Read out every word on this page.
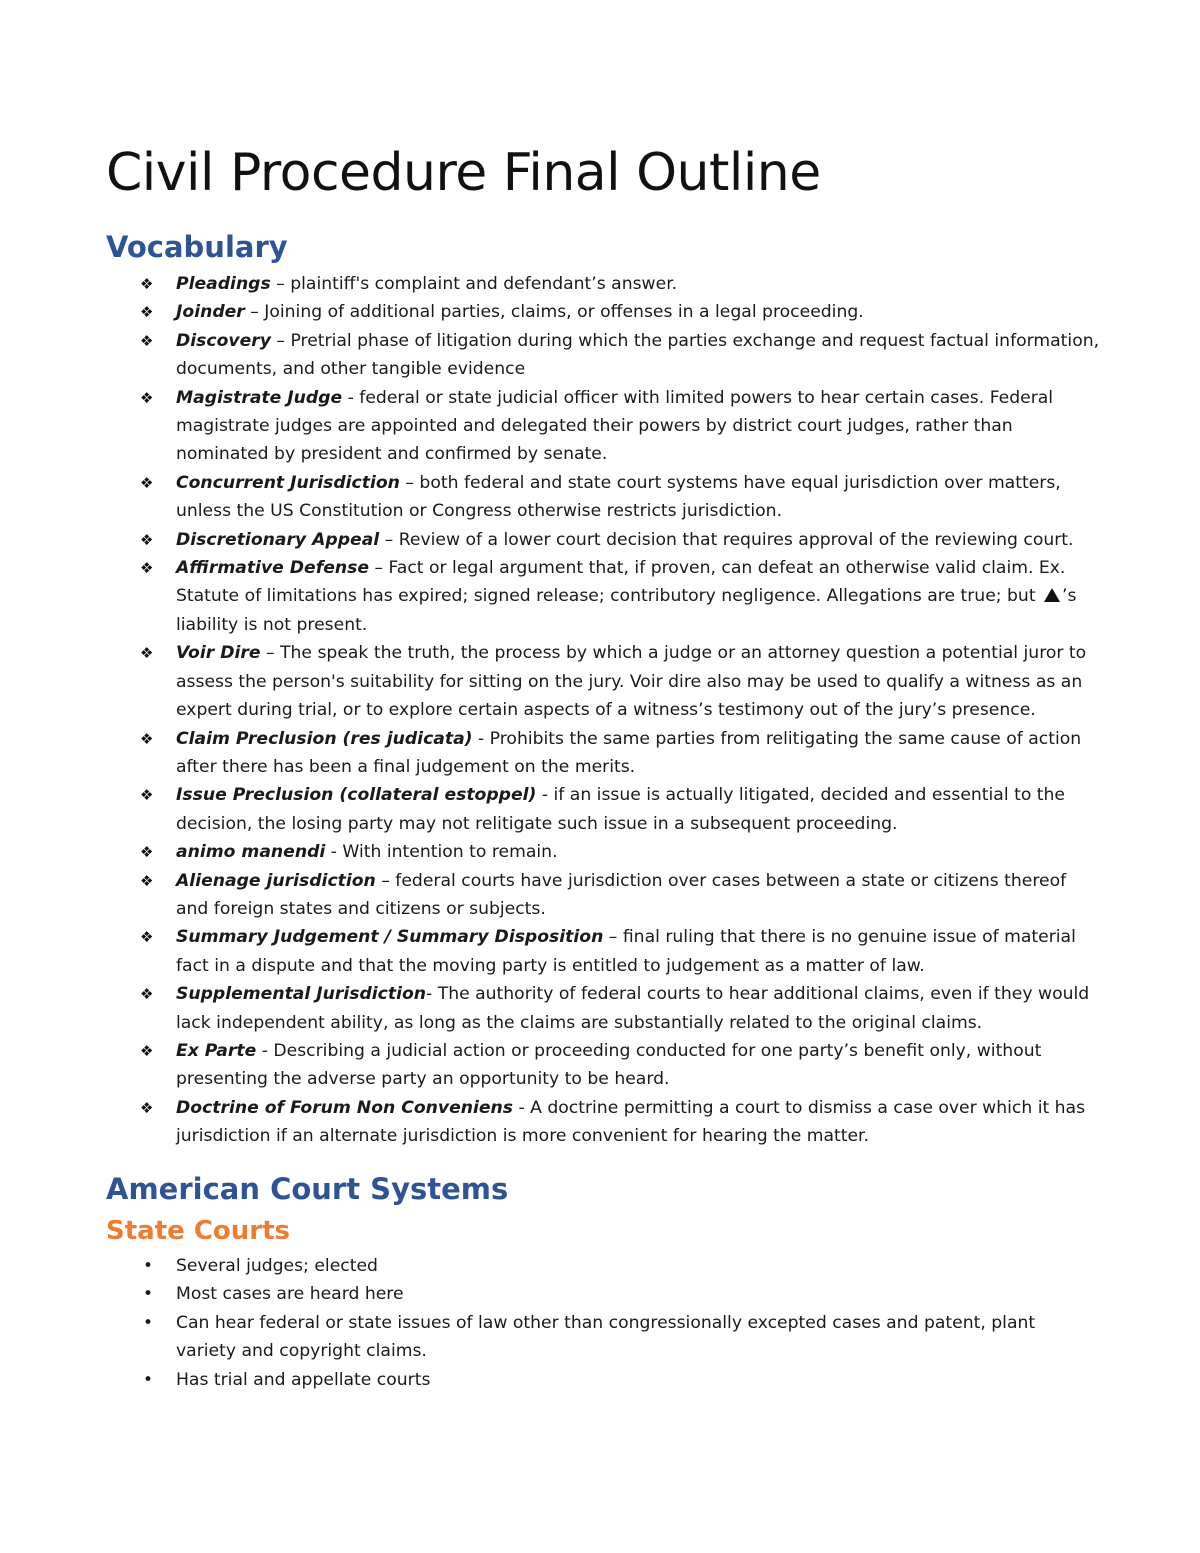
Civil Procedure Final Outline
Vocabulary
❖	Pleadings – plaintiff's complaint and defendant’s answer.
❖	Joinder – Joining of additional parties, claims, or offenses in a legal proceeding.
❖	Discovery – Pretrial phase of litigation during which the parties exchange and request factual information, documents, and other tangible evidence
❖	Magistrate Judge - federal or state judicial officer with limited powers to hear certain cases. Federal magistrate judges are appointed and delegated their powers by district court judges, rather than nominated by president and confirmed by senate.
❖	Concurrent Jurisdiction – both federal and state court systems have equal jurisdiction over matters, unless the US Constitution or Congress otherwise restricts jurisdiction.
❖	Discretionary Appeal – Review of a lower court decision that requires approval of the reviewing court.
❖	Affirmative Defense – Fact or legal argument that, if proven, can defeat an otherwise valid claim. Ex. Statute of limitations has expired; signed release; contributory negligence. Allegations are true; but ’s liability is not present.
❖	Voir Dire – The speak the truth, the process by which a judge or an attorney question a potential juror to assess the person's suitability for sitting on the jury. Voir dire also may be used to qualify a witness as an expert during trial, or to explore certain aspects of a witness’s testimony out of the jury’s presence.
❖	Claim Preclusion (res judicata) - Prohibits the same parties from relitigating the same cause of action after there has been a final judgement on the merits.
❖	Issue Preclusion (collateral estoppel) - if an issue is actually litigated, decided and essential to the decision, the losing party may not relitigate such issue in a subsequent proceeding.
❖	animo manendi - With intention to remain.
❖	Alienage jurisdiction – federal courts have jurisdiction over cases between a state or citizens thereof and foreign states and citizens or subjects.
❖	Summary Judgement / Summary Disposition – final ruling that there is no genuine issue of material fact in a dispute and that the moving party is entitled to judgement as a matter of law.
❖	Supplemental Jurisdiction- The authority of federal courts to hear additional claims, even if they would lack independent ability, as long as the claims are substantially related to the original claims.
❖	Ex Parte - Describing a judicial action or proceeding conducted for one party’s benefit only, without presenting the adverse party an opportunity to be heard.
❖	Doctrine of Forum Non Conveniens - A doctrine permitting a court to dismiss a case over which it has jurisdiction if an alternate jurisdiction is more convenient for hearing the matter.
American Court Systems
State Courts
• Several judges; elected
• Most cases are heard here
• Can hear federal or state issues of law other than congressionally excepted cases and patent, plant variety and copyright claims.
• Has trial and appellate courts
